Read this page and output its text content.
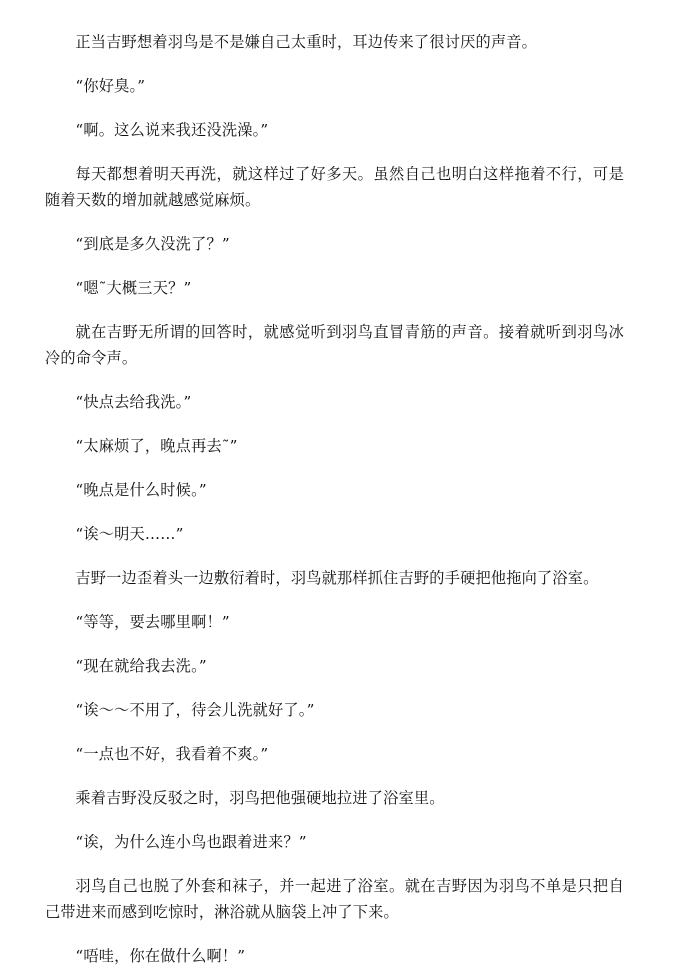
正当吉野想着羽鸟是不是嫌自己太重时，耳边传来了很讨厌的声音。

“你好臭。”

“啊。这么说来我还没洗澡。”

每天都想着明天再洗，就这样过了好多天。虽然自己也明白这样拖着不行，可是随着天数的增加就越感觉麻烦。

“到底是多久没洗了？”

“嗯˜大概三天？”

就在吉野无所谓的回答时，就感觉听到羽鸟直冒青筋的声音。接着就听到羽鸟冰冷的命令声。

“快点去给我洗。”

“太麻烦了，晚点再去˜”

“晚点是什么时候。”

“诶～明天……”

吉野一边歪着头一边敷衍着时，羽鸟就那样抓住吉野的手硬把他拖向了浴室。

“等等，要去哪里啊！”

“现在就给我去洗。”

“诶～～不用了，待会儿洗就好了。”

“一点也不好，我看着不爽。”

乘着吉野没反驳之时，羽鸟把他强硬地拉进了浴室里。

“诶，为什么连小鸟也跟着进来？”

羽鸟自己也脱了外套和袜子，并一起进了浴室。就在吉野因为羽鸟不单是只把自己带进来而感到吃惊时，淋浴就从脑袋上冲了下来。

“唔哇，你在做什么啊！”
